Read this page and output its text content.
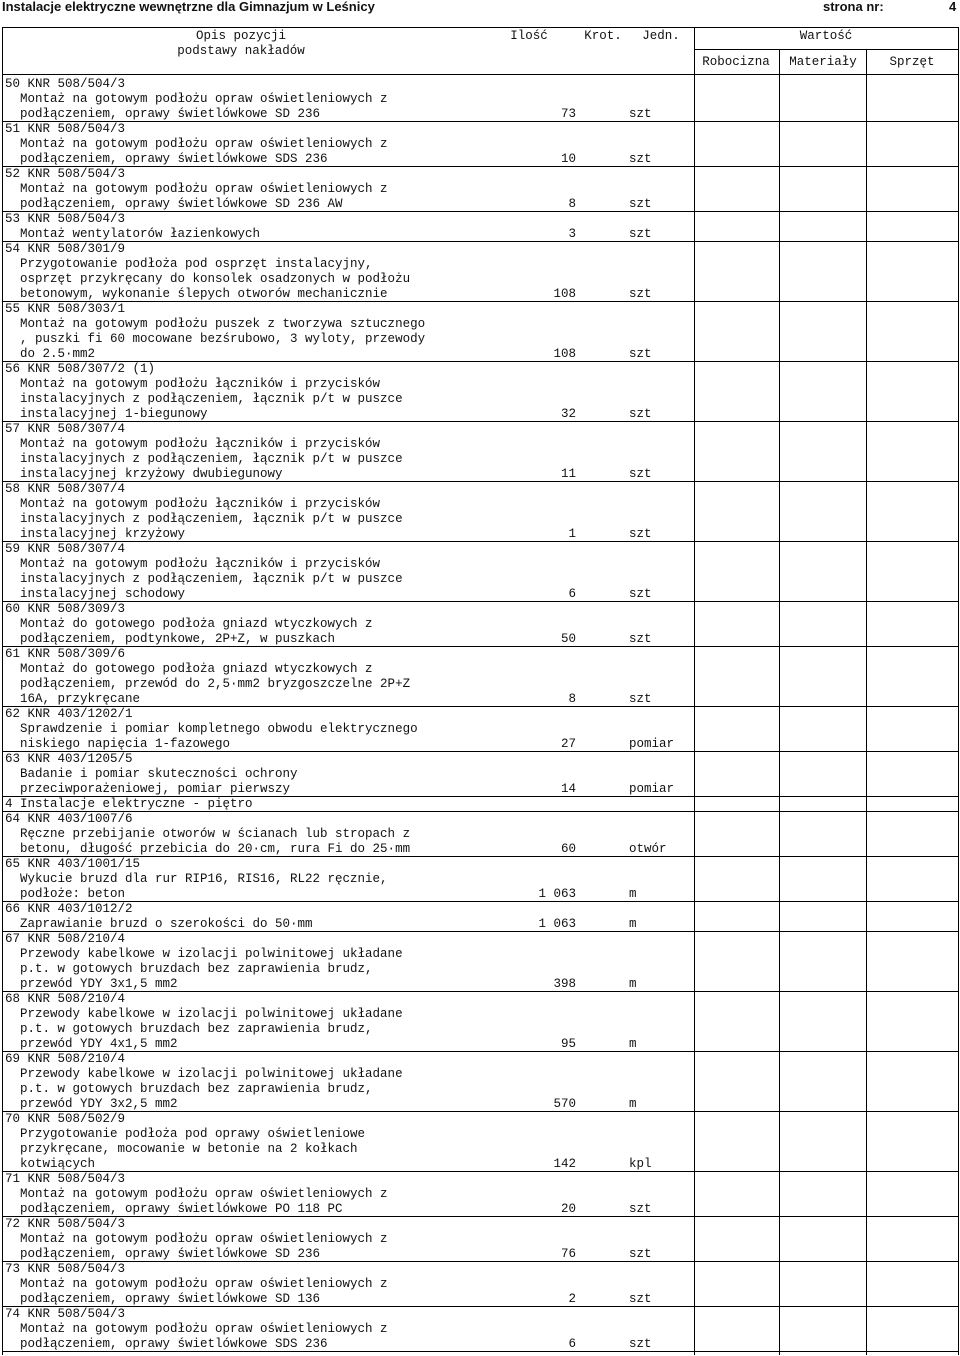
Instalacje elektryczne wewnętrzne dla Gimnazjum w Leśnicy	strona nr:	4
Opis pozycji
podstawy nakładów
Ilość	Krot.	Jedn.	Wartość
Robocizna	Materiały	Sprzęt
50 KNR 508/504/3
Montaż na gotowym podłożu opraw oświetleniowych z
podłączeniem, oprawy świetlówkowe SD 236	73	szt
51 KNR 508/504/3
Montaż na gotowym podłożu opraw oświetleniowych z
podłączeniem, oprawy świetlówkowe SDS 236	10	szt
52 KNR 508/504/3
Montaż na gotowym podłożu opraw oświetleniowych z
podłączeniem, oprawy świetlówkowe SD 236 AW	8	szt
53 KNR 508/504/3
Montaż wentylatorów łazienkowych	3	szt
54 KNR 508/301/9
Przygotowanie podłoża pod osprzęt instalacyjny,
osprzęt przykręcany do konsolek osadzonych w podłożu
betonowym, wykonanie ślepych otworów mechanicznie	108	szt
55 KNR 508/303/1
Montaż na gotowym podłożu puszek z tworzywa sztucznego
, puszki fi 60 mocowane bezśrubowo, 3 wyloty, przewody
do 2.5·mm2	108	szt
56 KNR 508/307/2 (1)
Montaż na gotowym podłożu łączników i przycisków
instalacyjnych z podłączeniem, łącznik p/t w puszce
instalacyjnej 1-biegunowy	32	szt
57 KNR 508/307/4
Montaż na gotowym podłożu łączników i przycisków
instalacyjnych z podłączeniem, łącznik p/t w puszce
instalacyjnej krzyżowy dwubiegunowy	11	szt
58 KNR 508/307/4
Montaż na gotowym podłożu łączników i przycisków
instalacyjnych z podłączeniem, łącznik p/t w puszce
instalacyjnej krzyżowy	1	szt
59 KNR 508/307/4
Montaż na gotowym podłożu łączników i przycisków
instalacyjnych z podłączeniem, łącznik p/t w puszce
instalacyjnej schodowy	6	szt
60 KNR 508/309/3
Montaż do gotowego podłoża gniazd wtyczkowych z
podłączeniem, podtynkowe, 2P+Z, w puszkach	50	szt
61 KNR 508/309/6
Montaż do gotowego podłoża gniazd wtyczkowych z
podłączeniem, przewód do 2,5·mm2 bryzgoszczelne 2P+Z
16A, przykręcane	8	szt
62 KNR 403/1202/1
Sprawdzenie i pomiar kompletnego obwodu elektrycznego
niskiego napięcia 1-fazowego	27	pomiar
63 KNR 403/1205/5
Badanie i pomiar skuteczności ochrony
przeciwporażeniowej, pomiar pierwszy	14	pomiar
4 Instalacje elektryczne - piętro
64 KNR 403/1007/6
Ręczne przebijanie otworów w ścianach lub stropach z
betonu, długość przebicia do 20·cm, rura Fi do 25·mm	60	otwór
65 KNR 403/1001/15
Wykucie bruzd dla rur RIP16, RIS16, RL22 ręcznie,
podłoże: beton	1 063	m
66 KNR 403/1012/2
Zaprawianie bruzd o szerokości do 50·mm	1 063	m
67 KNR 508/210/4
Przewody kabelkowe w izolacji polwinitowej układane
p.t. w gotowych bruzdach bez zaprawienia brudz,
przewód YDY 3x1,5 mm2	398	m
68 KNR 508/210/4
Przewody kabelkowe w izolacji polwinitowej układane
p.t. w gotowych bruzdach bez zaprawienia brudz,
przewód YDY 4x1,5 mm2	95	m
69 KNR 508/210/4
Przewody kabelkowe w izolacji polwinitowej układane
p.t. w gotowych bruzdach bez zaprawienia brudz,
przewód YDY 3x2,5 mm2	570	m
70 KNR 508/502/9
Przygotowanie podłoża pod oprawy oświetleniowe
przykręcane, mocowanie w betonie na 2 kołkach
kotwiących	142	kpl
71 KNR 508/504/3
Montaż na gotowym podłożu opraw oświetleniowych z
podłączeniem, oprawy świetlówkowe PO 118 PC	20	szt
72 KNR 508/504/3
Montaż na gotowym podłożu opraw oświetleniowych z
podłączeniem, oprawy świetlówkowe SD 236	76	szt
73 KNR 508/504/3
Montaż na gotowym podłożu opraw oświetleniowych z
podłączeniem, oprawy świetlówkowe SD 136	2	szt
74 KNR 508/504/3
Montaż na gotowym podłożu opraw oświetleniowych z
podłączeniem, oprawy świetlówkowe SDS 236	6	szt
